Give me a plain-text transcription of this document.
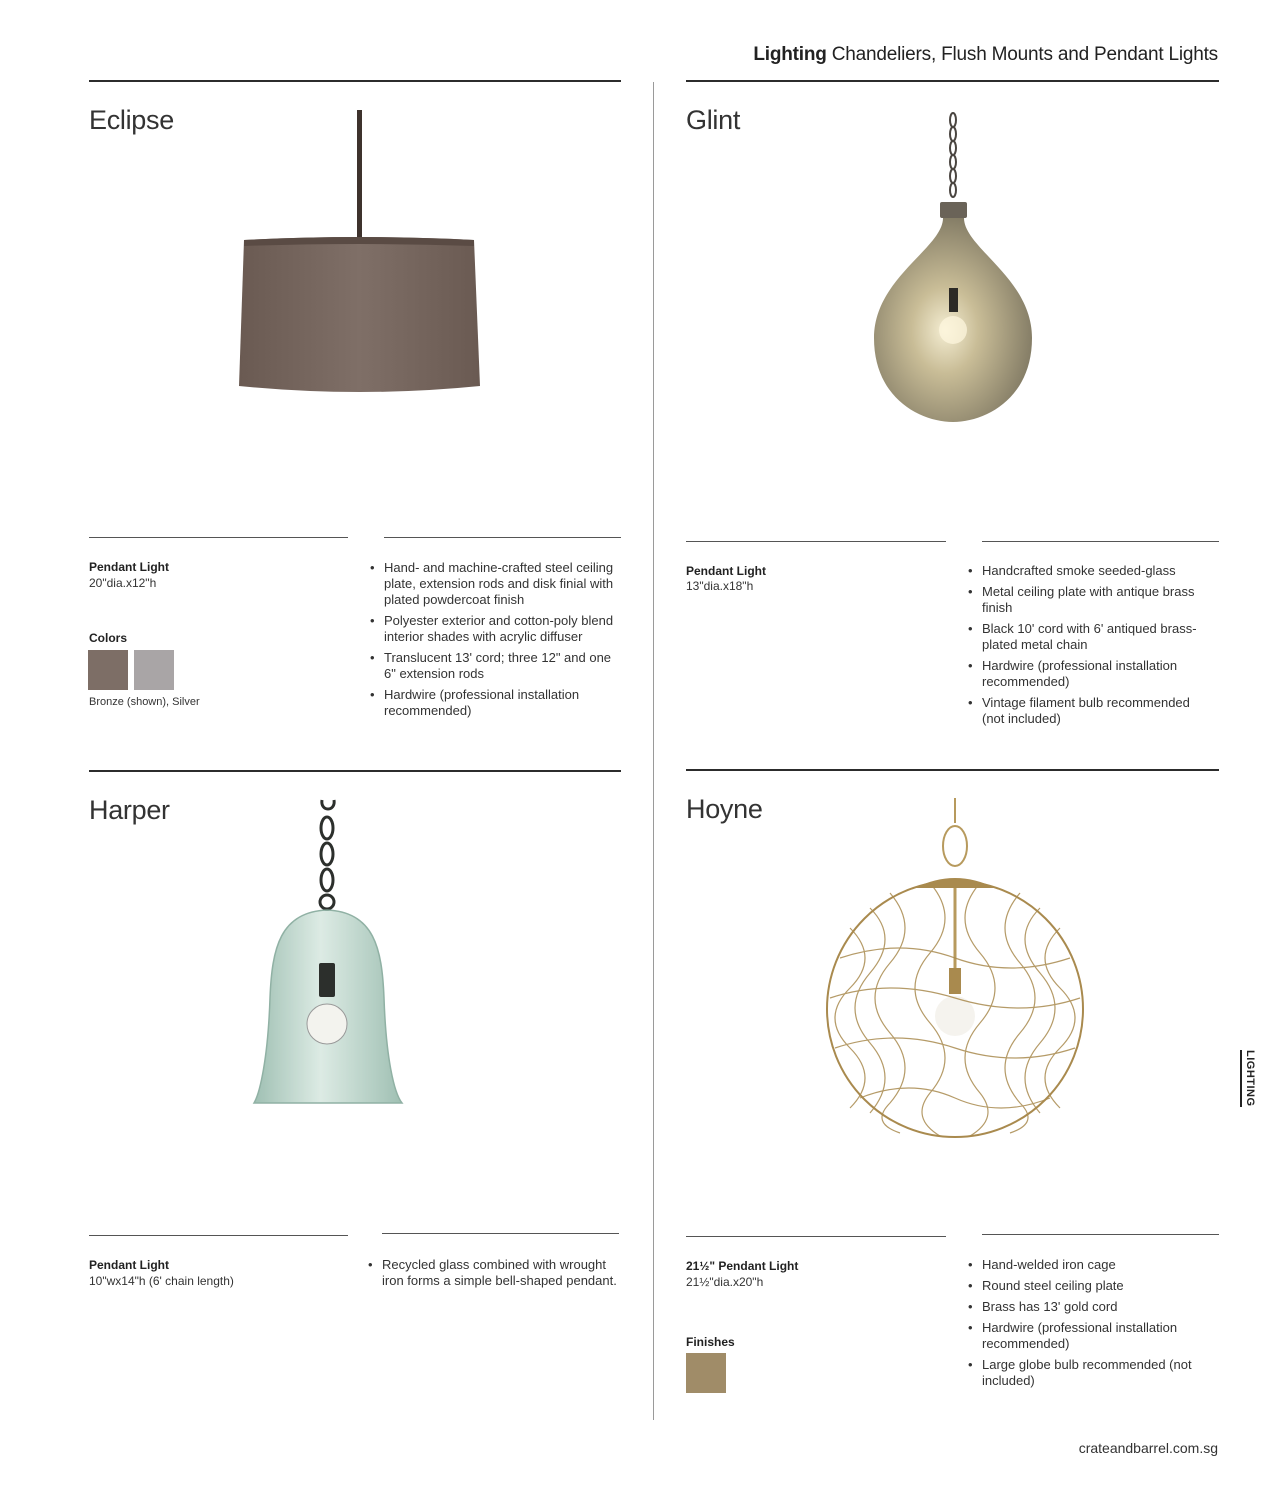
Lighting Chandeliers, Flush Mounts and Pendant Lights
Eclipse
Pendant Light
20"dia.x12"h
Colors
Bronze (shown), Silver
• Hand- and machine-crafted steel ceiling plate, extension rods and disk finial with plated powdercoat finish
• Polyester exterior and cotton-poly blend interior shades with acrylic diffuser
• Translucent 13' cord; three 12" and one 6" extension rods
• Hardwire (professional installation recommended)
Glint
Pendant Light
13"dia.x18"h
• Handcrafted smoke seeded-glass
• Metal ceiling plate with antique brass finish
• Black 10' cord with 6' antiqued brass-plated metal chain
• Hardwire (professional installation recommended)
• Vintage filament bulb recommended (not included)
Harper
Pendant Light
10"wx14"h (6' chain length)
• Recycled glass combined with wrought iron forms a simple bell-shaped pendant.
Hoyne
21½" Pendant Light
21½"dia.x20"h
Finishes
• Hand-welded iron cage
• Round steel ceiling plate
• Brass has 13' gold cord
• Hardwire (professional installation recommended)
• Large globe bulb recommended (not included)
LIGHTING
crateandbarrel.com.sg
